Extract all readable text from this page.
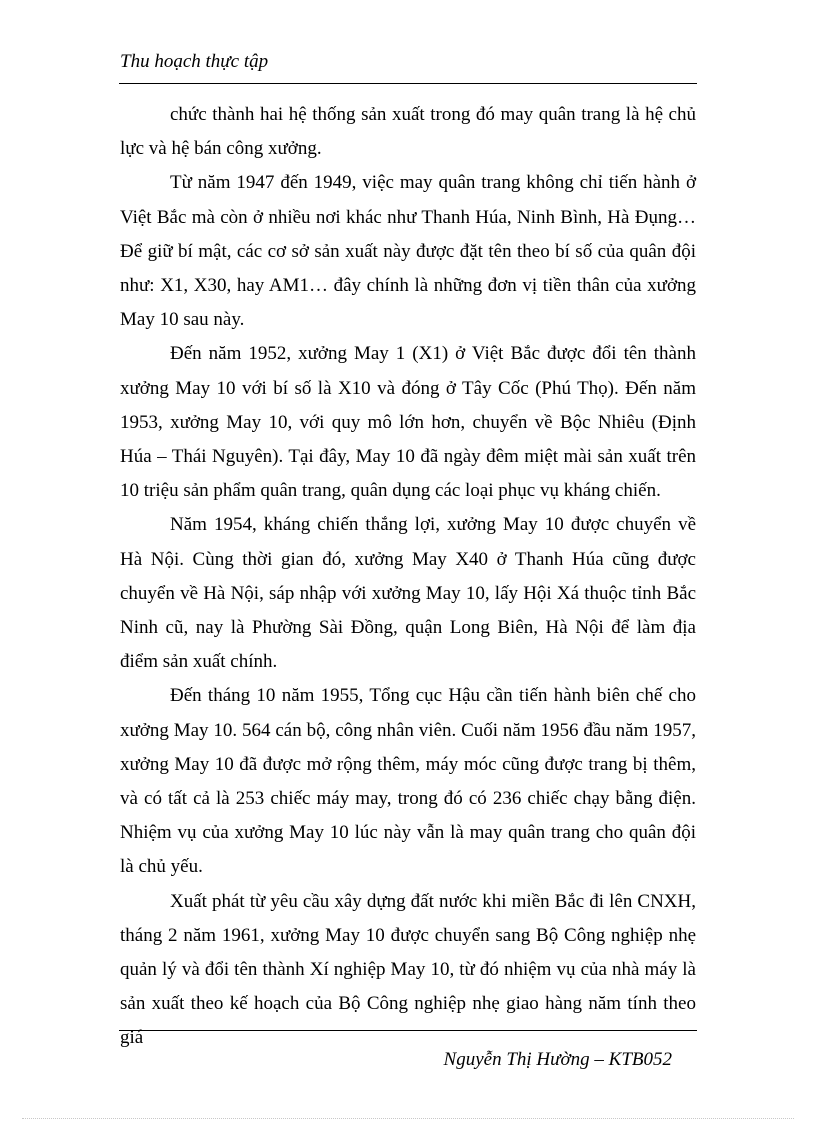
Thu hoạch thực tập

chức thành hai hệ thống sản xuất trong đó may quân trang là hệ chủ lực và hệ bán công xưởng.

Từ năm 1947 đến 1949, việc may quân trang không chỉ tiến hành ở Việt Bắc mà còn ở nhiều nơi khác như Thanh Húa, Ninh Bình, Hà Đụng… Để giữ bí mật, các cơ sở sản xuất này được đặt tên theo bí số của quân đội như: X1, X30, hay AM1… đây chính là những đơn vị tiền thân của xưởng May 10 sau này.

Đến năm 1952, xưởng May 1 (X1) ở Việt Bắc được đổi tên thành xưởng May 10 với bí số là X10 và đóng ở Tây Cốc (Phú Thọ). Đến năm 1953, xưởng May 10, với quy mô lớn hơn, chuyển về Bộc Nhiêu (Định Húa – Thái Nguyên). Tại đây, May 10 đã ngày đêm miệt mài sản xuất trên 10 triệu sản phẩm quân trang, quân dụng các loại phục vụ kháng chiến.

Năm 1954, kháng chiến thắng lợi, xưởng May 10 được chuyển về Hà Nội. Cùng thời gian đó, xưởng May X40 ở Thanh Húa cũng được chuyển về Hà Nội, sáp nhập với xưởng May 10, lấy Hội Xá thuộc tỉnh Bắc Ninh cũ, nay là Phường Sài Đồng, quận Long Biên, Hà Nội để làm địa điểm sản xuất chính.

Đến tháng 10 năm 1955, Tổng cục Hậu cần tiến hành biên chế cho xưởng May 10. 564 cán bộ, công nhân viên. Cuối năm 1956 đầu năm 1957, xưởng May 10 đã được mở rộng thêm, máy móc cũng được trang bị thêm, và có tất cả là 253 chiếc máy may, trong đó có 236 chiếc chạy bằng điện. Nhiệm vụ của xưởng May 10 lúc này vẫn là may quân trang cho quân đội là chủ yếu.

Xuất phát từ yêu cầu xây dựng đất nước khi miền Bắc đi lên CNXH, tháng 2 năm 1961, xưởng May 10 được chuyển sang Bộ Công nghiệp nhẹ quản lý và đổi tên thành Xí nghiệp May 10, từ đó nhiệm vụ của nhà máy là sản xuất theo kế hoạch của Bộ Công nghiệp nhẹ giao hàng năm tính theo giá

Nguyễn Thị Hường – KTB052
